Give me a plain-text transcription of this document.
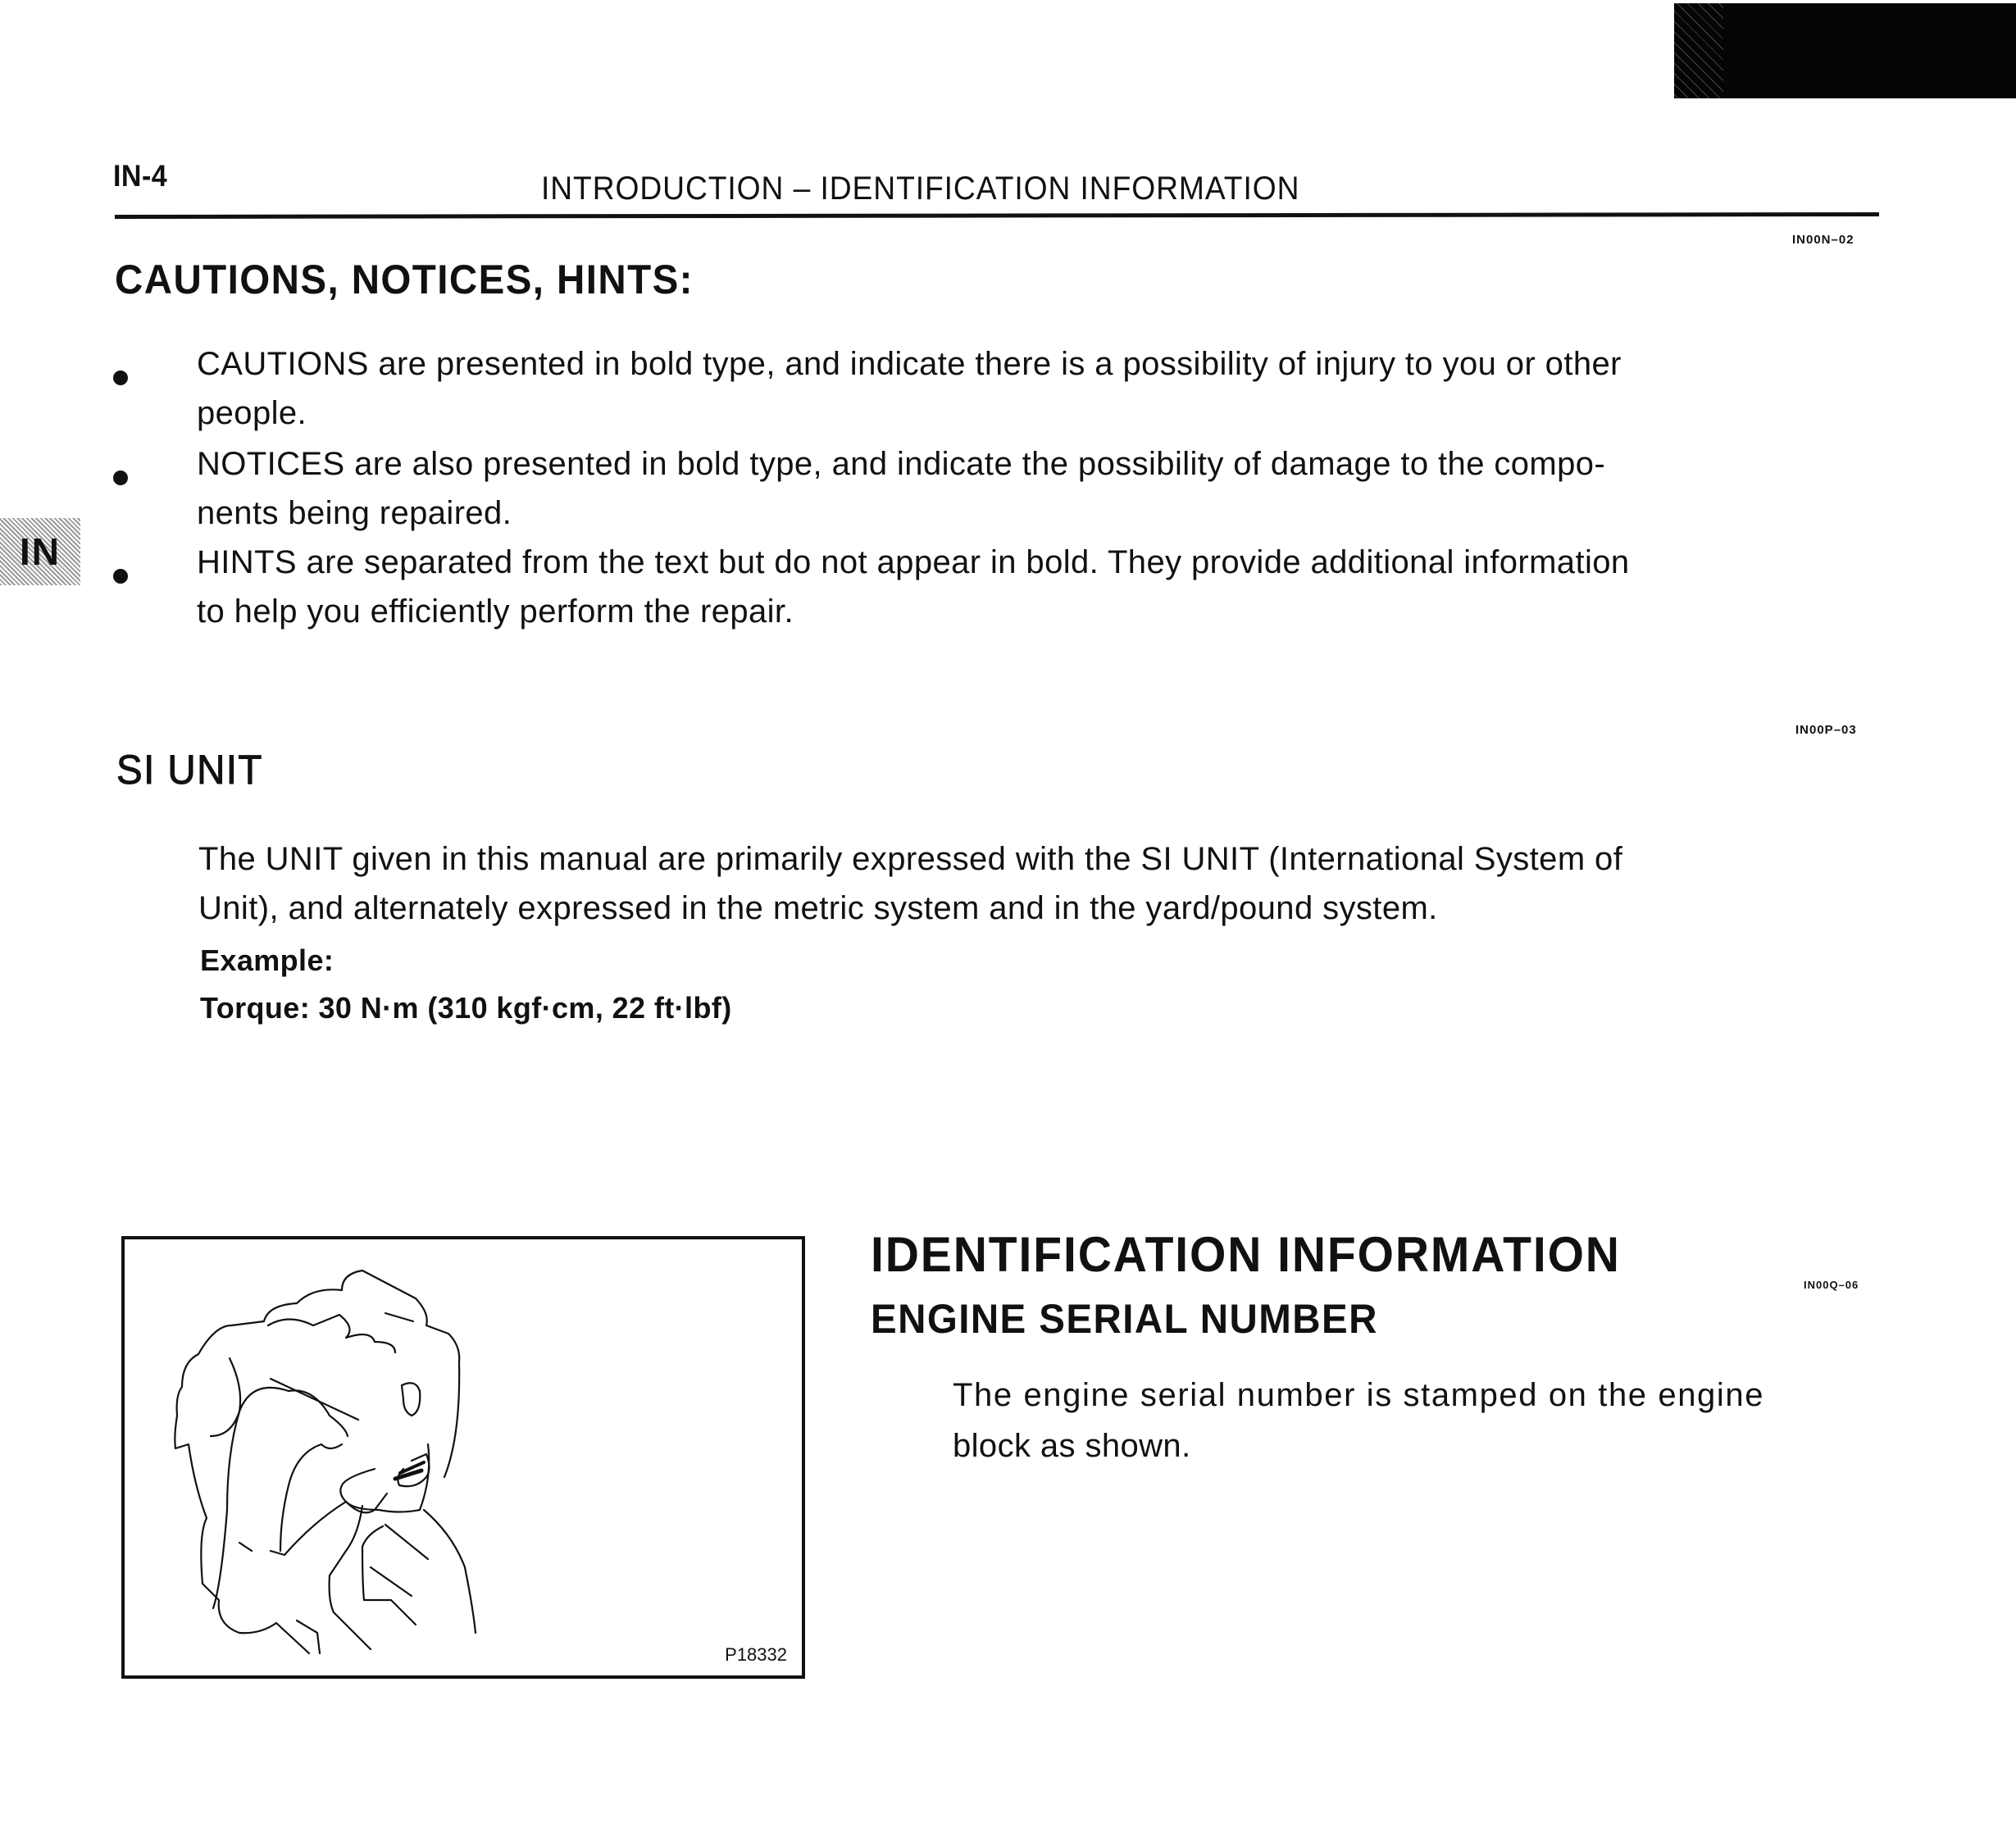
IN-4	INTRODUCTION – IDENTIFICATION INFORMATION
IN
IN00N–02
CAUTIONS, NOTICES, HINTS:
CAUTIONS are presented in bold type, and indicate there is a possibility of injury to you or other
people.
NOTICES are also presented in bold type, and indicate the possibility of damage to the compo-
nents being repaired.
HINTS are separated from the text but do not appear in bold. They provide additional information
to help you efficiently perform the repair.
IN00P–03
SI UNIT
The UNIT given in this manual are primarily expressed with the SI UNIT (International System of
Unit), and alternately expressed in the metric system and in the yard/pound system.
Example:
Torque: 30 N·m (310 kgf·cm, 22 ft·lbf)
P18332
IDENTIFICATION INFORMATION
IN00Q–06
ENGINE SERIAL NUMBER
The engine serial number is stamped on the engine
block as shown.
